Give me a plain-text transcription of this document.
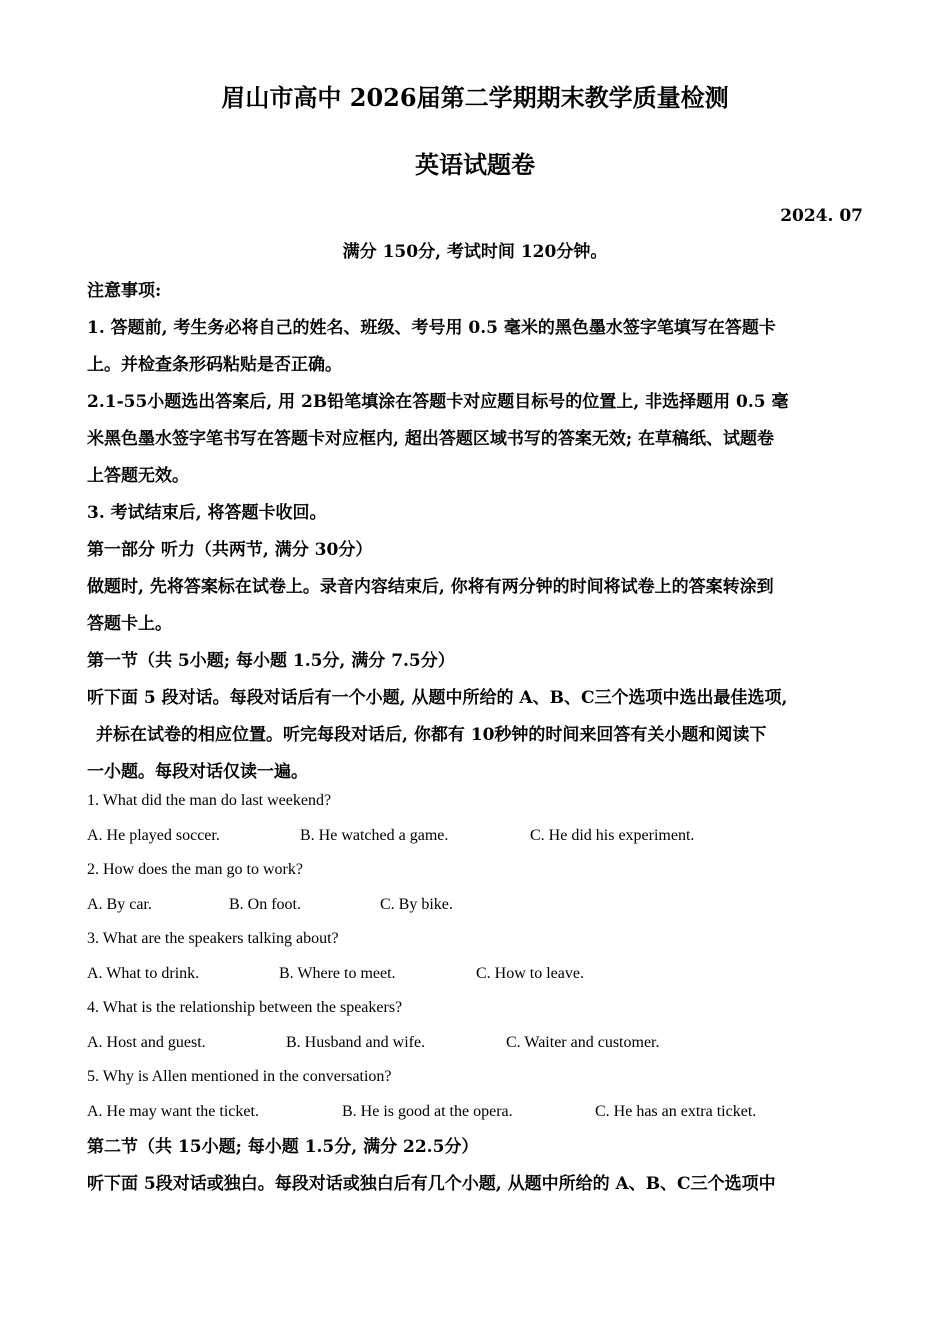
眉山市高中 2026届第二学期期末教学质量检测
英语试题卷
2024. 07
满分 150分, 考试时间 120分钟。

注意事项:

1. 答题前, 考生务必将自己的姓名、班级、考号用 0.5 毫米的黑色墨水签字笔填写在答题卡

上。并检查条形码粘贴是否正确。

2.1-55小题选出答案后, 用 2B铅笔填涂在答题卡对应题目标号的位置上, 非选择题用 0.5 毫

米黑色墨水签字笔书写在答题卡对应框内, 超出答题区域书写的答案无效; 在草稿纸、试题卷

上答题无效。

3. 考试结束后, 将答题卡收回。

第一部分 听力（共两节, 满分 30分）

做题时, 先将答案标在试卷上。录音内容结束后, 你将有两分钟的时间将试卷上的答案转涂到

答题卡上。

第一节（共 5小题; 每小题 1.5分, 满分 7.5分）

听下面 5 段对话。每段对话后有一个小题, 从题中所给的 A、B、C三个选项中选出最佳选项,

并标在试卷的相应位置。听完每段对话后, 你都有 10秒钟的时间来回答有关小题和阅读下

一小题。每段对话仅读一遍。

1. What did the man do last weekend?

A. He played soccer.	B. He watched a game.	C. He did his experiment.

2. How does the man go to work?

A. By car.	B. On foot.	C. By bike.

3. What are the speakers talking about?

A. What to drink.	B. Where to meet.	C. How to leave.

4. What is the relationship between the speakers?

A. Host and guest.	B. Husband and wife.	C. Waiter and customer.

5. Why is Allen mentioned in the conversation?

A. He may want the ticket.	B. He is good at the opera.	C. He has an extra ticket.

第二节（共 15小题; 每小题 1.5分, 满分 22.5分）

听下面 5段对话或独白。每段对话或独白后有几个小题, 从题中所给的 A、B、C三个选项中
